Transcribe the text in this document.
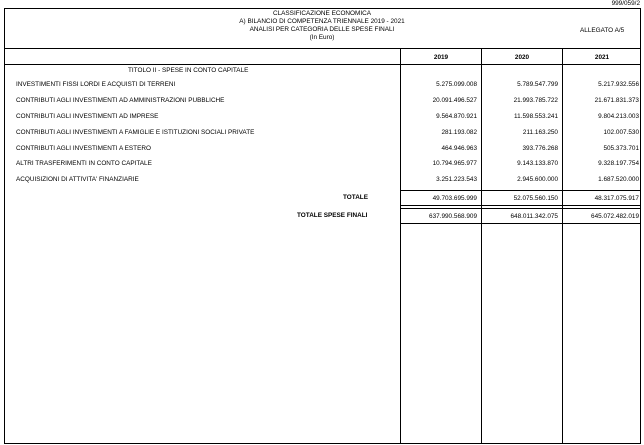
999/059/2
CLASSIFICAZIONE ECONOMICA
A) BILANCIO DI COMPETENZA TRIENNALE 2019 - 2021
ANALISI PER CATEGORIA DELLE SPESE FINALI
(In Euro)
ALLEGATO A/5
2019	2020	2021
TITOLO II - SPESE IN CONTO CAPITALE
INVESTIMENTI FISSI LORDI E ACQUISTI DI TERRENI	5.275.099.008	5.789.547.799	5.217.932.556
CONTRIBUTI AGLI INVESTIMENTI AD AMMINISTRAZIONI PUBBLICHE	20.091.496.527	21.993.785.722	21.671.831.373
CONTRIBUTI AGLI INVESTIMENTI AD IMPRESE	9.564.870.921	11.598.553.241	9.804.213.003
CONTRIBUTI AGLI INVESTIMENTI A FAMIGLIE E ISTITUZIONI SOCIALI PRIVATE	281.193.082	211.163.250	102.007.530
CONTRIBUTI AGLI INVESTIMENTI A ESTERO	464.946.963	393.776.268	505.373.701
ALTRI TRASFERIMENTI IN CONTO CAPITALE	10.794.965.977	9.143.133.870	9.328.197.754
ACQUISIZIONI DI ATTIVITA' FINANZIARIE	3.251.223.543	2.945.600.000	1.687.520.000
TOTALE	49.703.695.999	52.075.560.150	48.317.075.917
TOTALE SPESE FINALI	637.990.568.909	648.011.342.075	645.072.482.019
